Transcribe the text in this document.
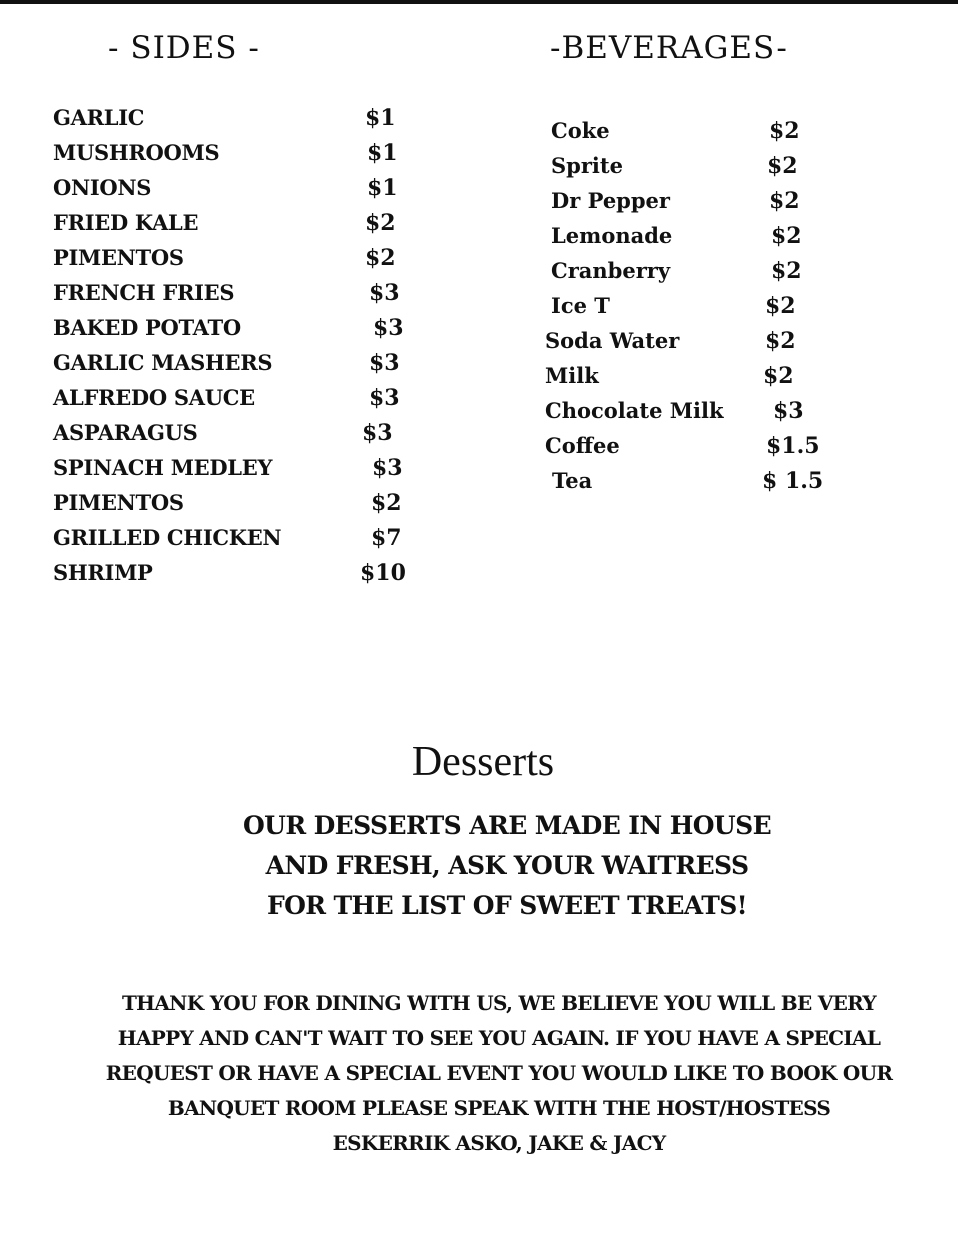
- SIDES -	-BEVERAGES-
GARLIC	$1
MUSHROOMS	$1
ONIONS	$1
FRIED KALE	$2
PIMENTOS	$2
FRENCH FRIES	$3
BAKED POTATO	$3
GARLIC MASHERS	$3
ALFREDO SAUCE	$3
ASPARAGUS	$3
SPINACH MEDLEY	$3
PIMENTOS	$2
GRILLED CHICKEN	$7
SHRIMP	$10
Coke	$2
Sprite	$2
Dr Pepper	$2
Lemonade	$2
Cranberry	$2
Ice T	$2
Soda Water	$2
Milk	$2
Chocolate Milk $3
Coffee	$1.5
Tea	$ 1.5
Desserts
OUR DESSERTS ARE MADE IN HOUSE
AND FRESH, ASK YOUR WAITRESS
FOR THE LIST OF SWEET TREATS!
THANK YOU FOR DINING WITH US, WE BELIEVE YOU WILL BE VERY
HAPPY AND CAN'T WAIT TO SEE YOU AGAIN. IF YOU HAVE A SPECIAL
REQUEST OR HAVE A SPECIAL EVENT YOU WOULD LIKE TO BOOK OUR
BANQUET ROOM PLEASE SPEAK WITH THE HOST/HOSTESS
ESKERRIK ASKO, JAKE & JACY
